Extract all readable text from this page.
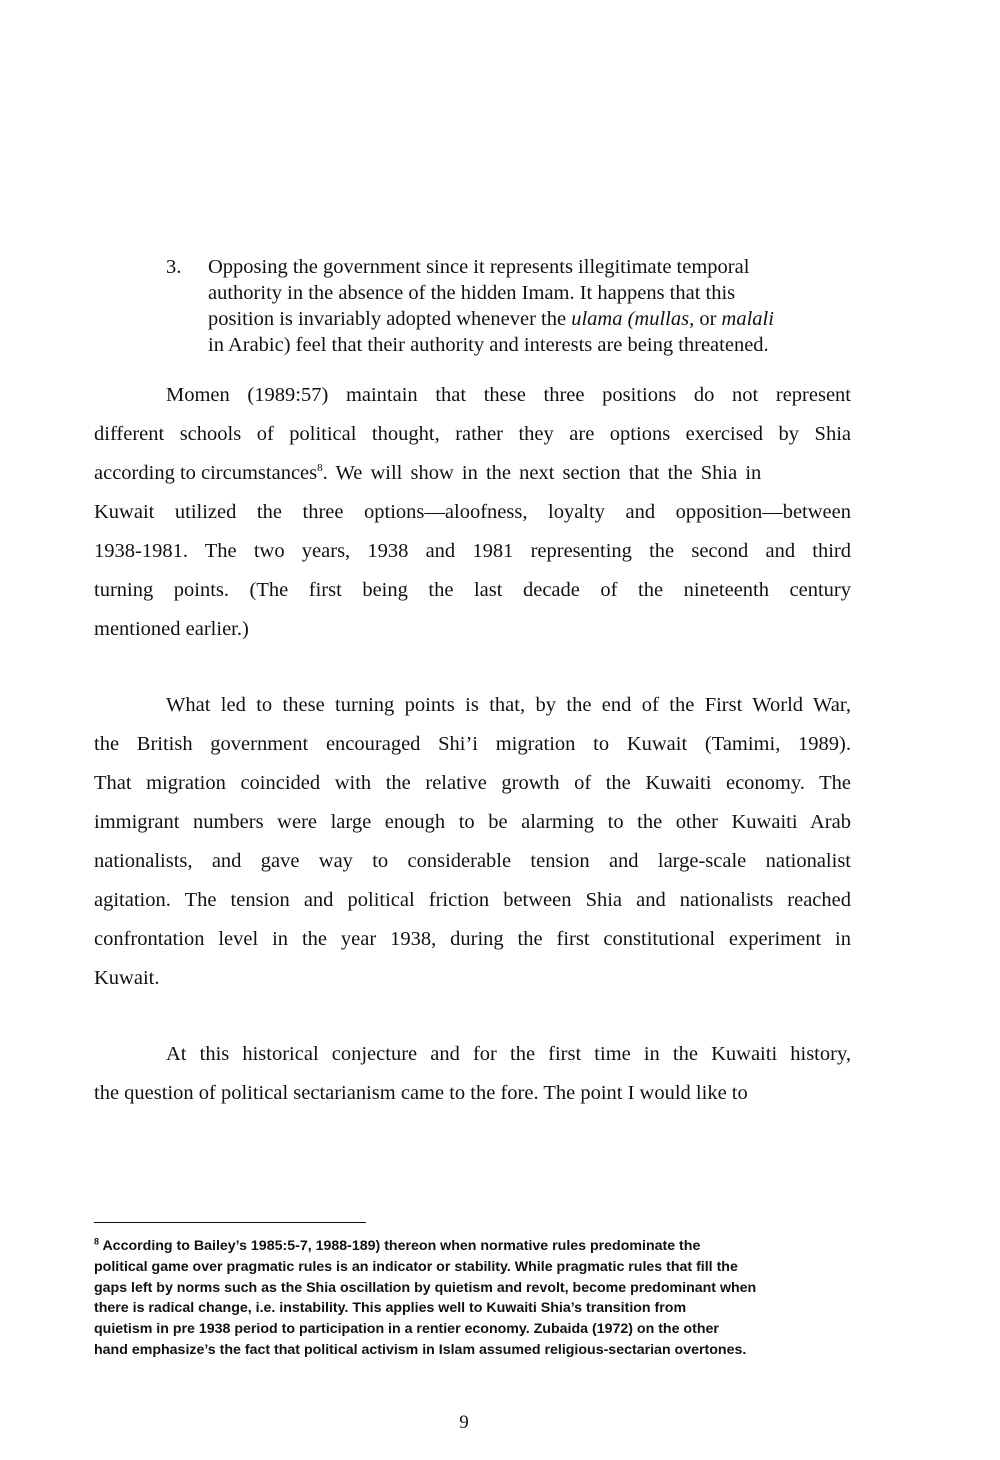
3. Opposing the government since it represents illegitimate temporal
authority in the absence of the hidden Imam. It happens that this
position is invariably adopted whenever the ulama (mullas, or malali
in Arabic) feel that their authority and interests are being threatened.
Momen (1989:57) maintain that these three positions do not represent
different schools of political thought, rather they are options exercised by Shia
according to circumstances$^8$. We will show in the next section that the Shia in
Kuwait utilized the three options—aloofness, loyalty and opposition—between
1938-1981. The two years, 1938 and 1981 representing the second and third
turning points. (The first being the last decade of the nineteenth century
mentioned earlier.)
What led to these turning points is that, by the end of the First World War,
the British government encouraged Shi’i migration to Kuwait (Tamimi, 1989).
That migration coincided with the relative growth of the Kuwaiti economy. The
immigrant numbers were large enough to be alarming to the other Kuwaiti Arab
nationalists, and gave way to considerable tension and large-scale nationalist
agitation. The tension and political friction between Shia and nationalists reached
confrontation level in the year 1938, during the first constitutional experiment in
Kuwait.
At this historical conjecture and for the first time in the Kuwaiti history,
the question of political sectarianism came to the fore. The point I would like to
$^8$ According to Bailey’s 1985:5-7, 1988-189) thereon when normative rules predominate the
political game over pragmatic rules is an indicator or stability. While pragmatic rules that fill the
gaps left by norms such as the Shia oscillation by quietism and revolt, become predominant when
there is radical change, i.e. instability. This applies well to Kuwaiti Shia’s transition from
quietism in pre 1938 period to participation in a rentier economy. Zubaida (1972) on the other
hand emphasize’s the fact that political activism in Islam assumed religious-sectarian overtones.
9
